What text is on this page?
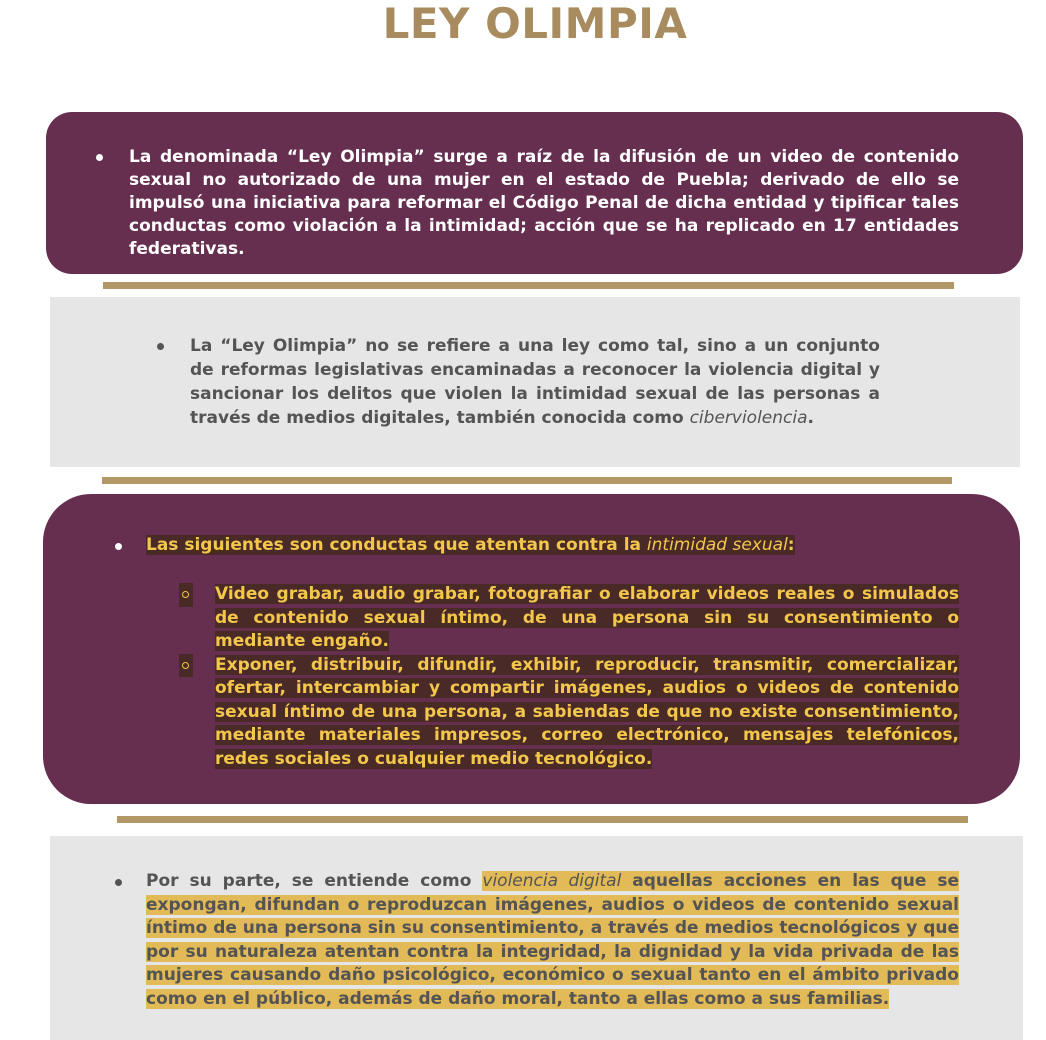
LEY OLIMPIA
La denominada “Ley Olimpia” surge a raíz de la difusión de un video de contenido sexual no autorizado de una mujer en el estado de Puebla; derivado de ello se impulsó una iniciativa para reformar el Código Penal de dicha entidad y tipificar tales conductas como violación a la intimidad; acción que se ha replicado en 17 entidades federativas.
La “Ley Olimpia” no se refiere a una ley como tal, sino a un conjunto de reformas legislativas encaminadas a reconocer la violencia digital y sancionar los delitos que violen la intimidad sexual de las personas a través de medios digitales, también conocida como ciberviolencia.
Las siguientes son conductas que atentan contra la intimidad sexual:
Video grabar, audio grabar, fotografiar o elaborar videos reales o simulados de contenido sexual íntimo, de una persona sin su consentimiento o mediante engaño.
Exponer, distribuir, difundir, exhibir, reproducir, transmitir, comercializar, ofertar, intercambiar y compartir imágenes, audios o videos de contenido sexual íntimo de una persona, a sabiendas de que no existe consentimiento, mediante materiales impresos, correo electrónico, mensajes telefónicos, redes sociales o cualquier medio tecnológico.
Por su parte, se entiende como violencia digital aquellas acciones en las que se expongan, difundan o reproduzcan imágenes, audios o videos de contenido sexual íntimo de una persona sin su consentimiento, a través de medios tecnológicos y que por su naturaleza atentan contra la integridad, la dignidad y la vida privada de las mujeres causando daño psicológico, económico o sexual tanto en el ámbito privado como en el público, además de daño moral, tanto a ellas como a sus familias.
